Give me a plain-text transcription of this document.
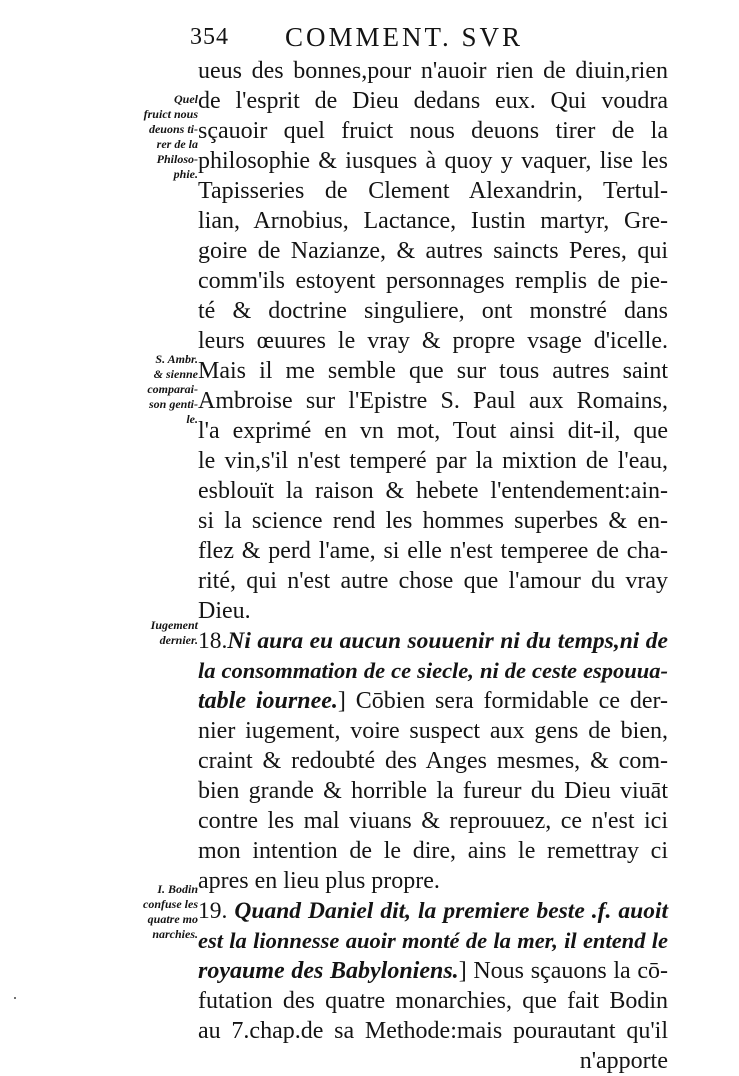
354 COMMENT. SVR
Quel
fruict nous
deuons ti-
rer de la
Philoso-
phie.
S. Ambr.
& sienne
comparai-
son genti-
le.
Iugement
dernier.
I. Bodin
confuse les
quatre mo
narchies.
ueus des bonnes,pour n'auoir rien de diuin,rien
de l'esprit de Dieu dedans eux. Qui voudra
sçauoir quel fruict nous deuons tirer de la
philosophie & iusques à quoy y vaquer, lise les
Tapisseries de Clement Alexandrin, Tertul-
lian, Arnobius, Lactance, Iustin martyr, Gre-
goire de Nazianze, & autres saincts Peres, qui
comm'ils estoyent personnages remplis de pie-
té & doctrine singuliere, ont monstré dans
leurs œuures le vray & propre vsage d'icelle.
Mais il me semble que sur tous autres saint
Ambroise sur l'Epistre S. Paul aux Romains,
l'a exprimé en vn mot, Tout ainsi dit-il, que
le vin,s'il n'est temperé par la mixtion de l'eau,
esblouït la raison & hebete l'entendement:ain-
si la science rend les hommes superbes & en-
flez & perd l'ame, si elle n'est temperee de cha-
rité, qui n'est autre chose que l'amour du vray
Dieu.
18.Ni aura eu aucun souuenir ni du temps,ni de
la consommation de ce siecle, ni de ceste espouua-
table iournee.] Cōbien sera formidable ce der-
nier iugement, voire suspect aux gens de bien,
craint & redoubté des Anges mesmes, & com-
bien grande & horrible la fureur du Dieu viuāt
contre les mal viuans & reprouuez, ce n'est ici
mon intention de le dire, ains le remettray ci
apres en lieu plus propre.
19. Quand Daniel dit, la premiere beste .f. auoit
est la lionnesse auoir monté de la mer, il entend le
royaume des Babyloniens.] Nous sçauons la cō-
futation des quatre monarchies, que fait Bodin
au 7.chap.de sa Methode:mais pourautant qu'il
n'apporte
